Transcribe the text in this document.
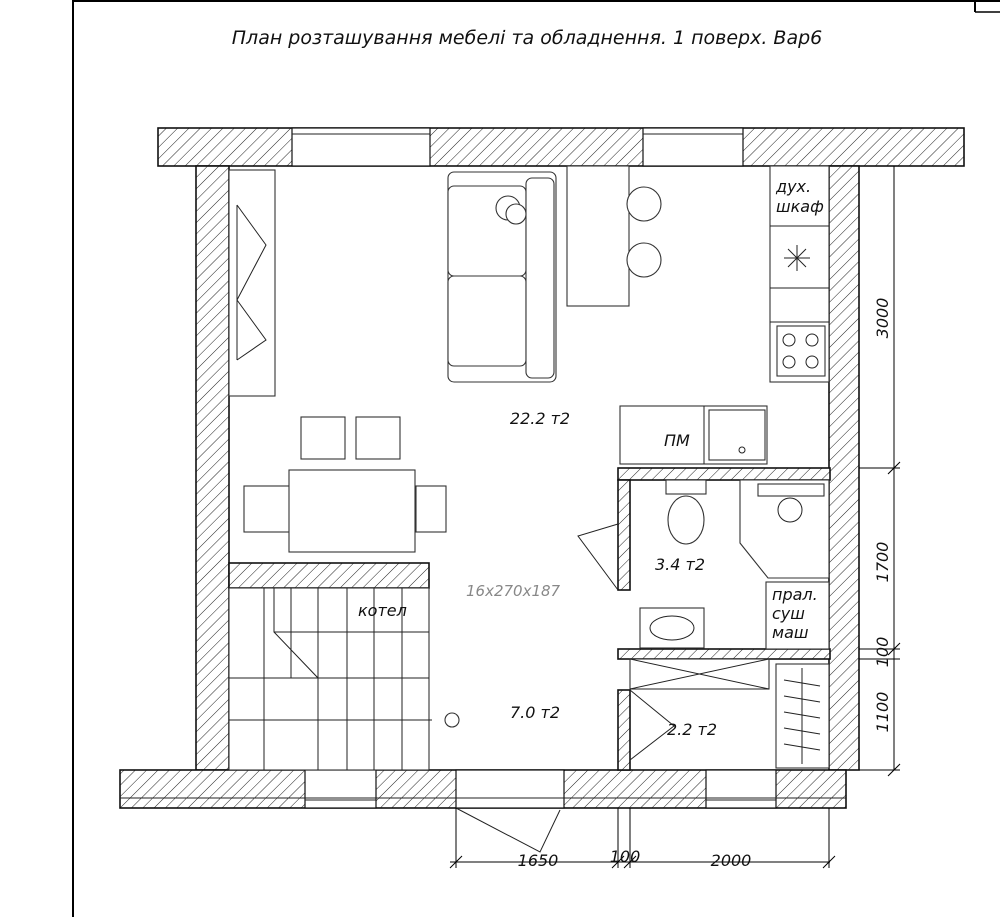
План розташування мебелі та обладнення. 1 поверх. Вар6
22.2 т2
3.4 т2
7.0 т2
2.2 т2
дух.
шкаф
ПМ
котел
16х270х187	прал.
суш
маш
3000
1700
100
1100
1650	100	2000
